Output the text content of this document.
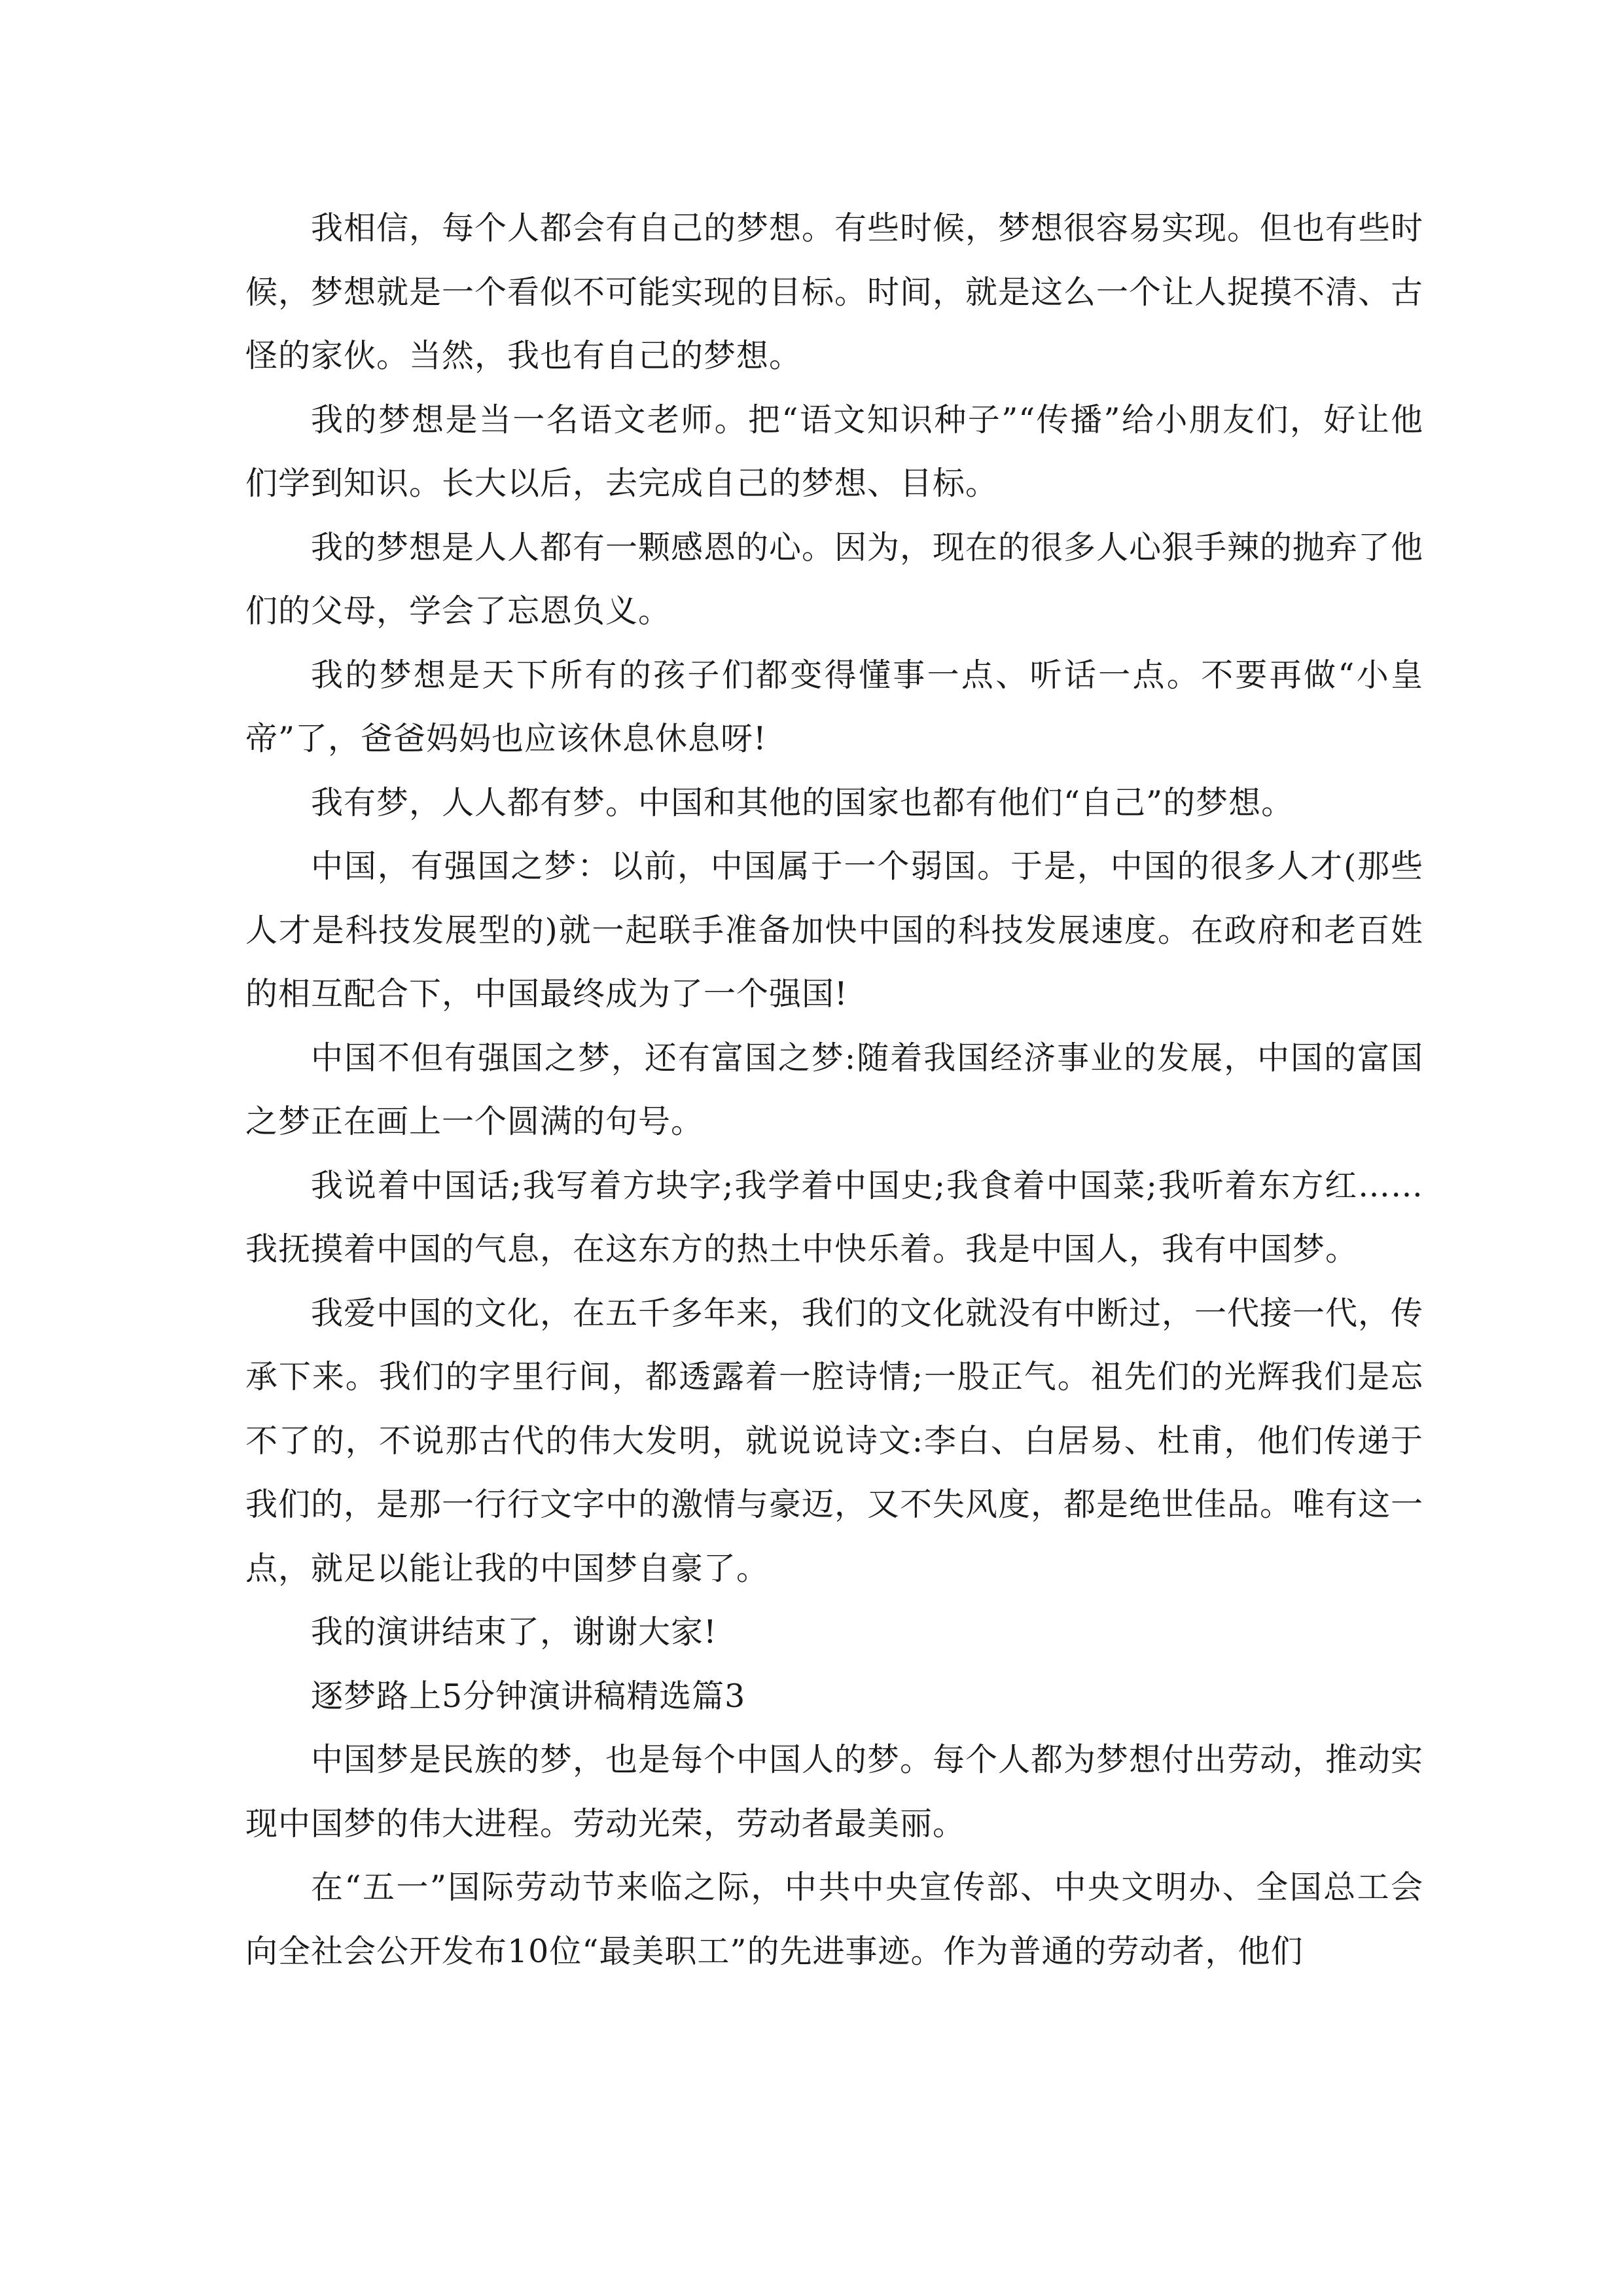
我相信，每个人都会有自己的梦想。有些时候，梦想很容易实现。但也有些时候，梦想就是一个看似不可能实现的目标。时间，就是这么一个让人捉摸不清、古怪的家伙。当然，我也有自己的梦想。

我的梦想是当一名语文老师。把“语文知识种子”“传播”给小朋友们，好让他们学到知识。长大以后，去完成自己的梦想、目标。

我的梦想是人人都有一颗感恩的心。因为，现在的很多人心狠手辣的抛弃了他们的父母，学会了忘恩负义。

我的梦想是天下所有的孩子们都变得懂事一点、听话一点。不要再做“小皇帝”了，爸爸妈妈也应该休息休息呀!

我有梦，人人都有梦。中国和其他的国家也都有他们“自己”的梦想。

中国，有强国之梦：以前，中国属于一个弱国。于是，中国的很多人才(那些人才是科技发展型的)就一起联手准备加快中国的科技发展速度。在政府和老百姓的相互配合下，中国最终成为了一个强国!

中国不但有强国之梦，还有富国之梦:随着我国经济事业的发展，中国的富国之梦正在画上一个圆满的句号。

我说着中国话;我写着方块字;我学着中国史;我食着中国菜;我听着东方红……我抚摸着中国的气息，在这东方的热土中快乐着。我是中国人，我有中国梦。

我爱中国的文化，在五千多年来，我们的文化就没有中断过，一代接一代，传承下来。我们的字里行间，都透露着一腔诗情;一股正气。祖先们的光辉我们是忘不了的，不说那古代的伟大发明，就说说诗文:李白、白居易、杜甫，他们传递于我们的，是那一行行文字中的激情与豪迈，又不失风度，都是绝世佳品。唯有这一点，就足以能让我的中国梦自豪了。

我的演讲结束了，谢谢大家!

逐梦路上5分钟演讲稿精选篇3

中国梦是民族的梦，也是每个中国人的梦。每个人都为梦想付出劳动，推动实现中国梦的伟大进程。劳动光荣，劳动者最美丽。

在“五一”国际劳动节来临之际，中共中央宣传部、中央文明办、全国总工会向全社会公开发布10位“最美职工”的先进事迹。作为普通的劳动者，他们
